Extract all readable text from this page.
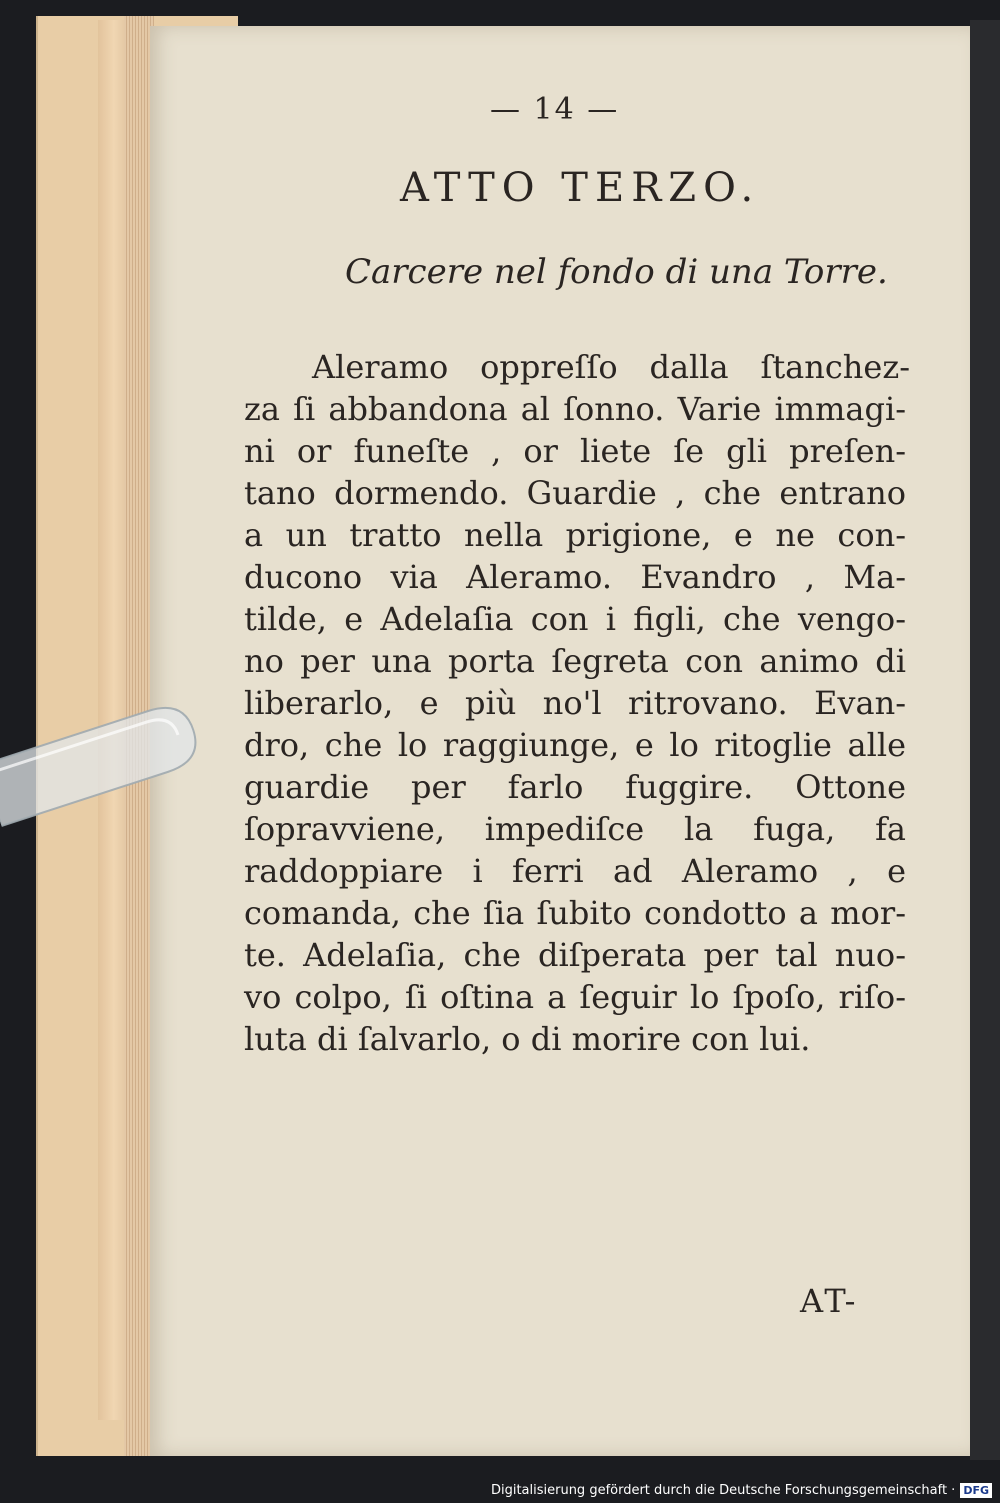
— 14 —
ATTO TERZO.
Carcere nel fondo di una Torre.
Aleramo oppreſſo dalla ſtanchez-
za ſi abbandona al ſonno. Varie immagi-
ni or funeſte , or liete ſe gli preſen-
tano dormendo. Guardie , che entrano
a un tratto nella prigione, e ne con-
ducono via Aleramo. Evandro , Ma-
tilde, e Adelaſia con i figli, che vengo-
no per una porta ſegreta con animo di
liberarlo, e più no'l ritrovano. Evan-
dro, che lo raggiunge, e lo ritoglie alle
guardie per farlo fuggire. Ottone
ſopravviene, impediſce la fuga, fa
raddoppiare i ferri ad Aleramo , e
comanda, che ſia ſubito condotto a mor-
te. Adelaſia, che diſperata per tal nuo-
vo colpo, ſi oſtina a ſeguir lo ſpoſo, riſo-
luta di ſalvarlo, o di morire con lui.
AT-
Digitalisierung gefördert durch die Deutsche Forschungsgemeinschaft · DFG
